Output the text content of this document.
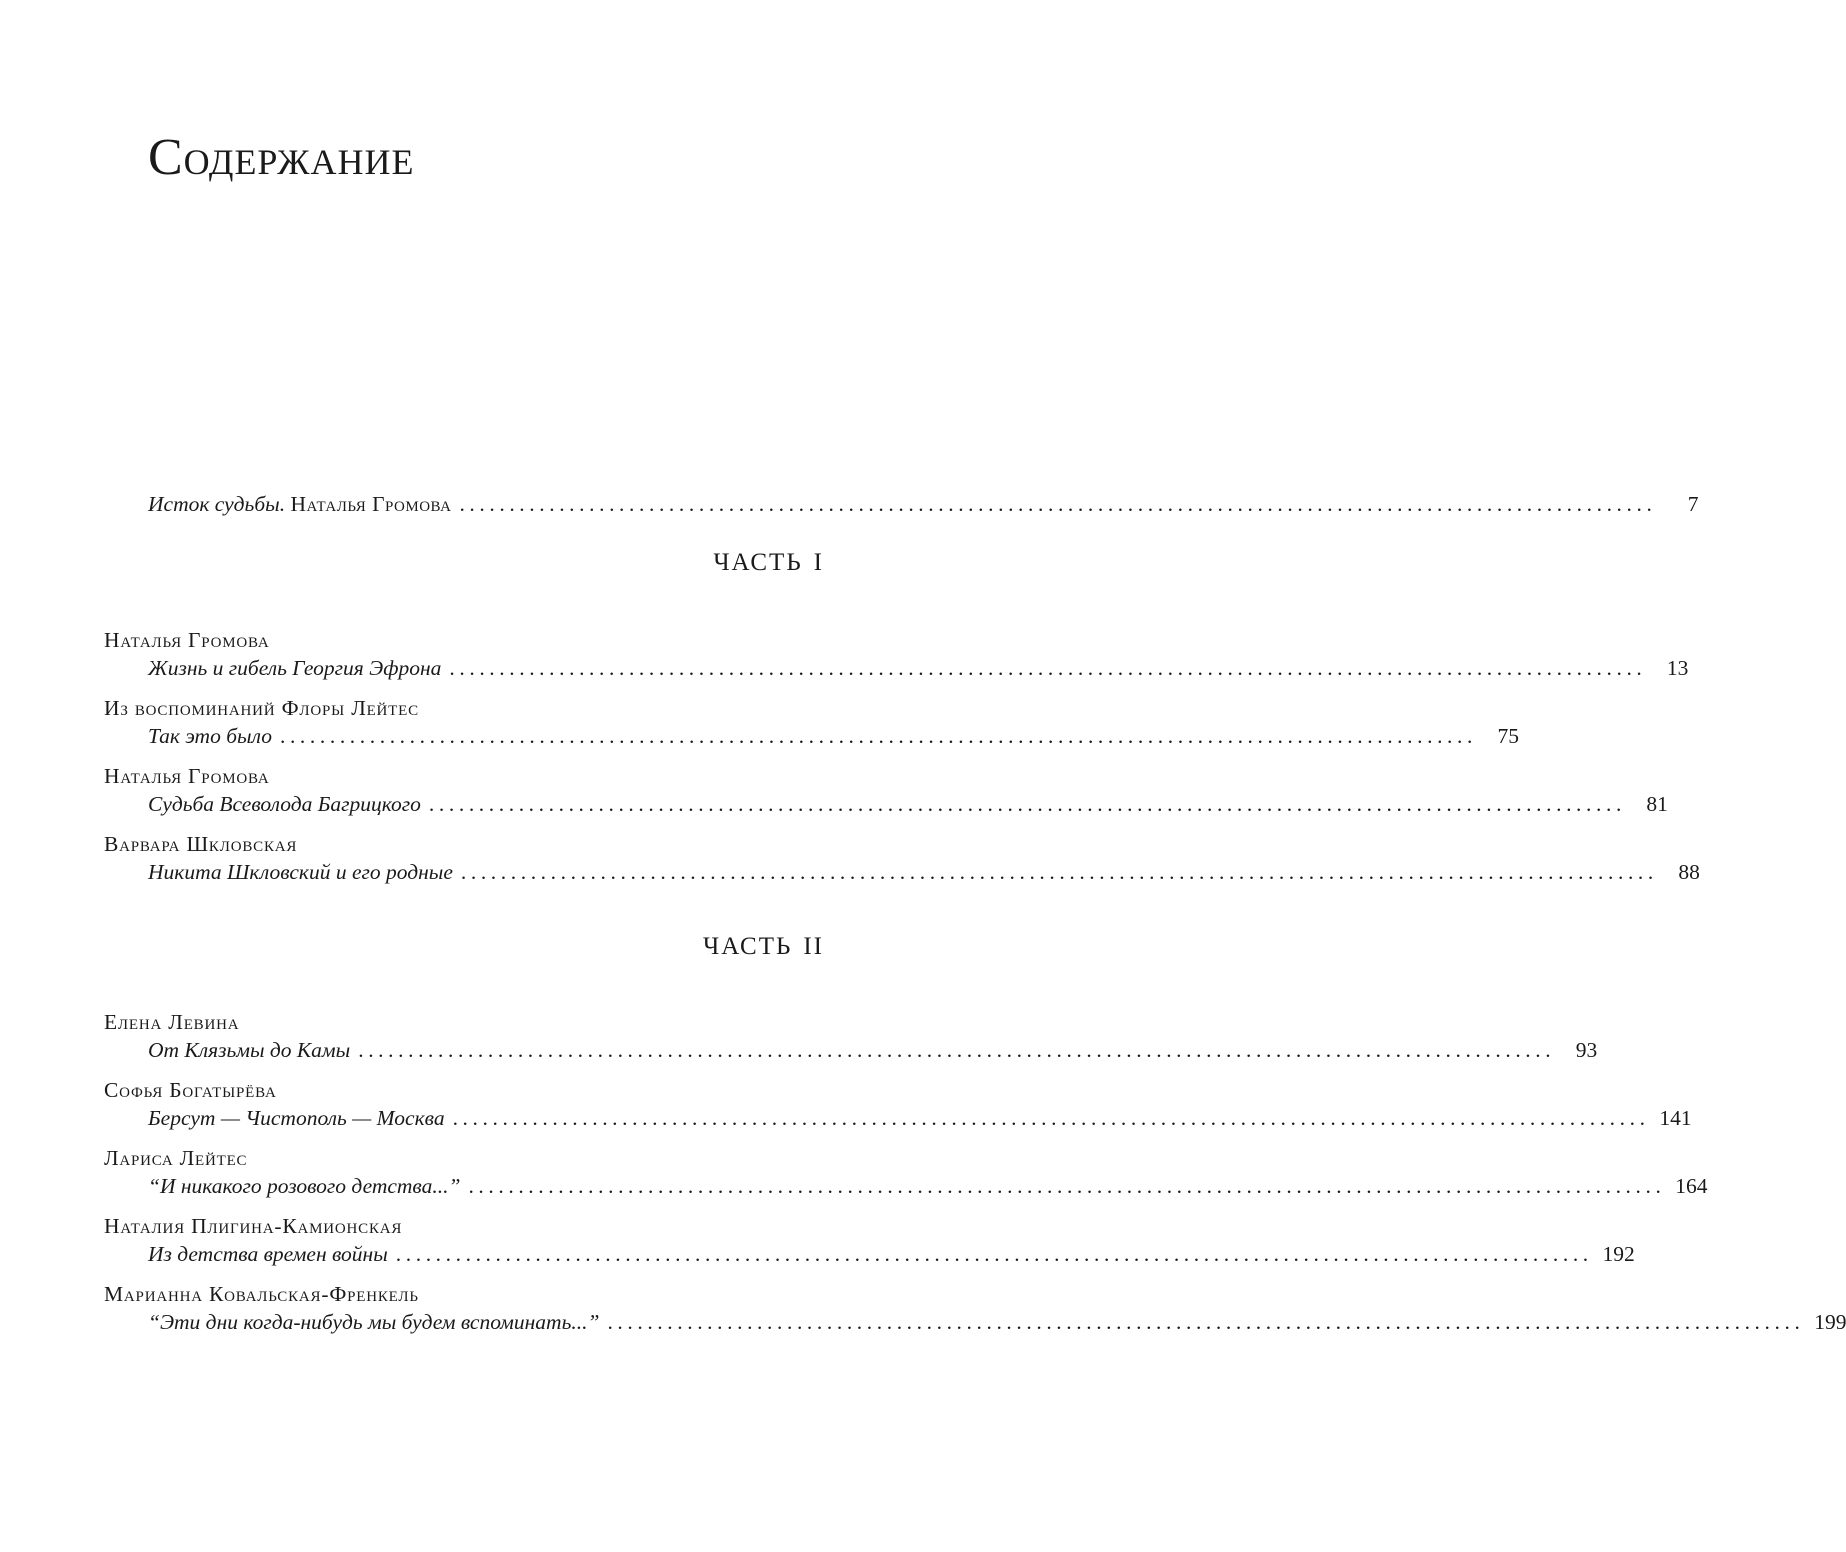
Содержание
Исток судьбы. Наталья Громова ........................................................................................................................	7
часть i
Наталья Громова
Жизнь и гибель Георгия Эфрона ........................................................................................................................ 13
Из воспоминаний Флоры Лейтес
Так это было ........................................................................................................................ 75
Наталья Громова
Судьба Всеволода Багрицкого ........................................................................................................................ 81
Варвара Шкловская
Никита Шкловский и его родные ........................................................................................................................ 88
часть ii
Елена Левина
От Клязьмы до Камы ........................................................................................................................ 93
Софья Богатырёва
Берсут — Чистополь — Москва ........................................................................................................................ 141
Лариса Лейтес
“И никакого розового детства...” ........................................................................................................................ 164
Наталия Плигина-Камионская
Из детства времен войны ........................................................................................................................ 192
Марианна Ковальская-Френкель
“Эти дни когда-нибудь мы будем вспоминать...” ........................................................................................................................ 199
